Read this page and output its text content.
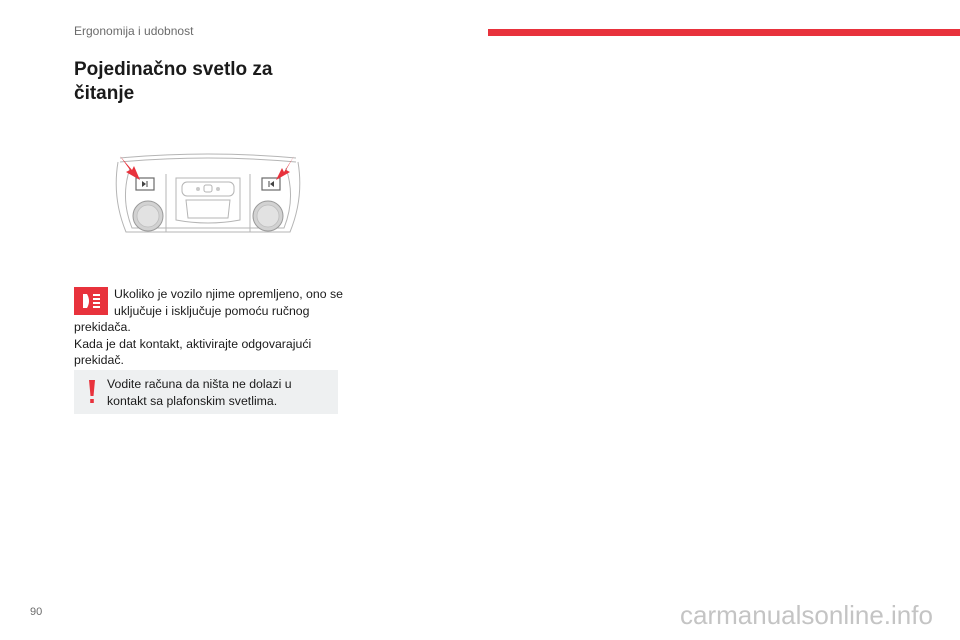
Ergonomija i udobnost
Pojedinačno svetlo za
čitanje
Ukoliko je vozilo njime opremljeno, ono se
uključuje i isključuje pomoću ručnog
prekidača.
Kada je dat kontakt, aktivirajte odgovarajući
prekidač.
Vodite računa da ništa ne dolazi u
kontakt sa plafonskim svetlima.
90	carmanualsonline.info
